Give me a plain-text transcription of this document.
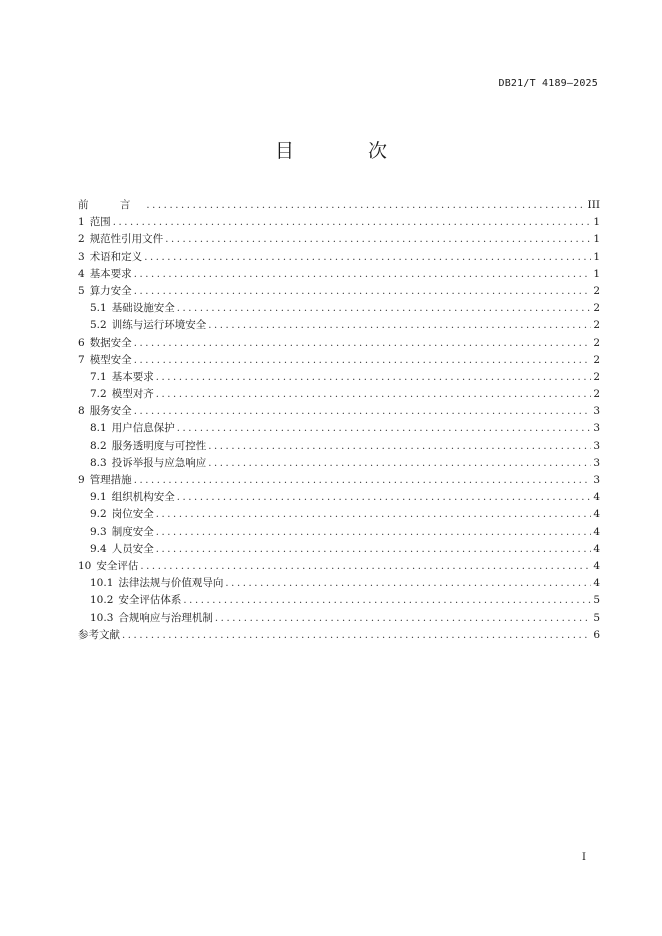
DB21/T 4189—2025
目 次
前 言 .....	III
1 范围 .....	1
2 规范性引用文件 .....	1
3 术语和定义 .....	1
4 基本要求 .....	1
5 算力安全 .....	2
5.1 基础设施安全 .....	2
5.2 训练与运行环境安全 .....	2
6 数据安全 .....	2
7 模型安全 .....	2
7.1 基本要求 .....	2
7.2 模型对齐 .....	2
8 服务安全 .....	3
8.1 用户信息保护 .....	3
8.2 服务透明度与可控性 .....	3
8.3 投诉举报与应急响应 .....	3
9 管理措施 .....	3
9.1 组织机构安全 .....	4
9.2 岗位安全 .....	4
9.3 制度安全 .....	4
9.4 人员安全 .....	4
10 安全评估 .....	4
10.1 法律法规与价值观导向 .....	4
10.2 安全评估体系 .....	5
10.3 合规响应与治理机制 .....	5
参考文献 .....	6
I
